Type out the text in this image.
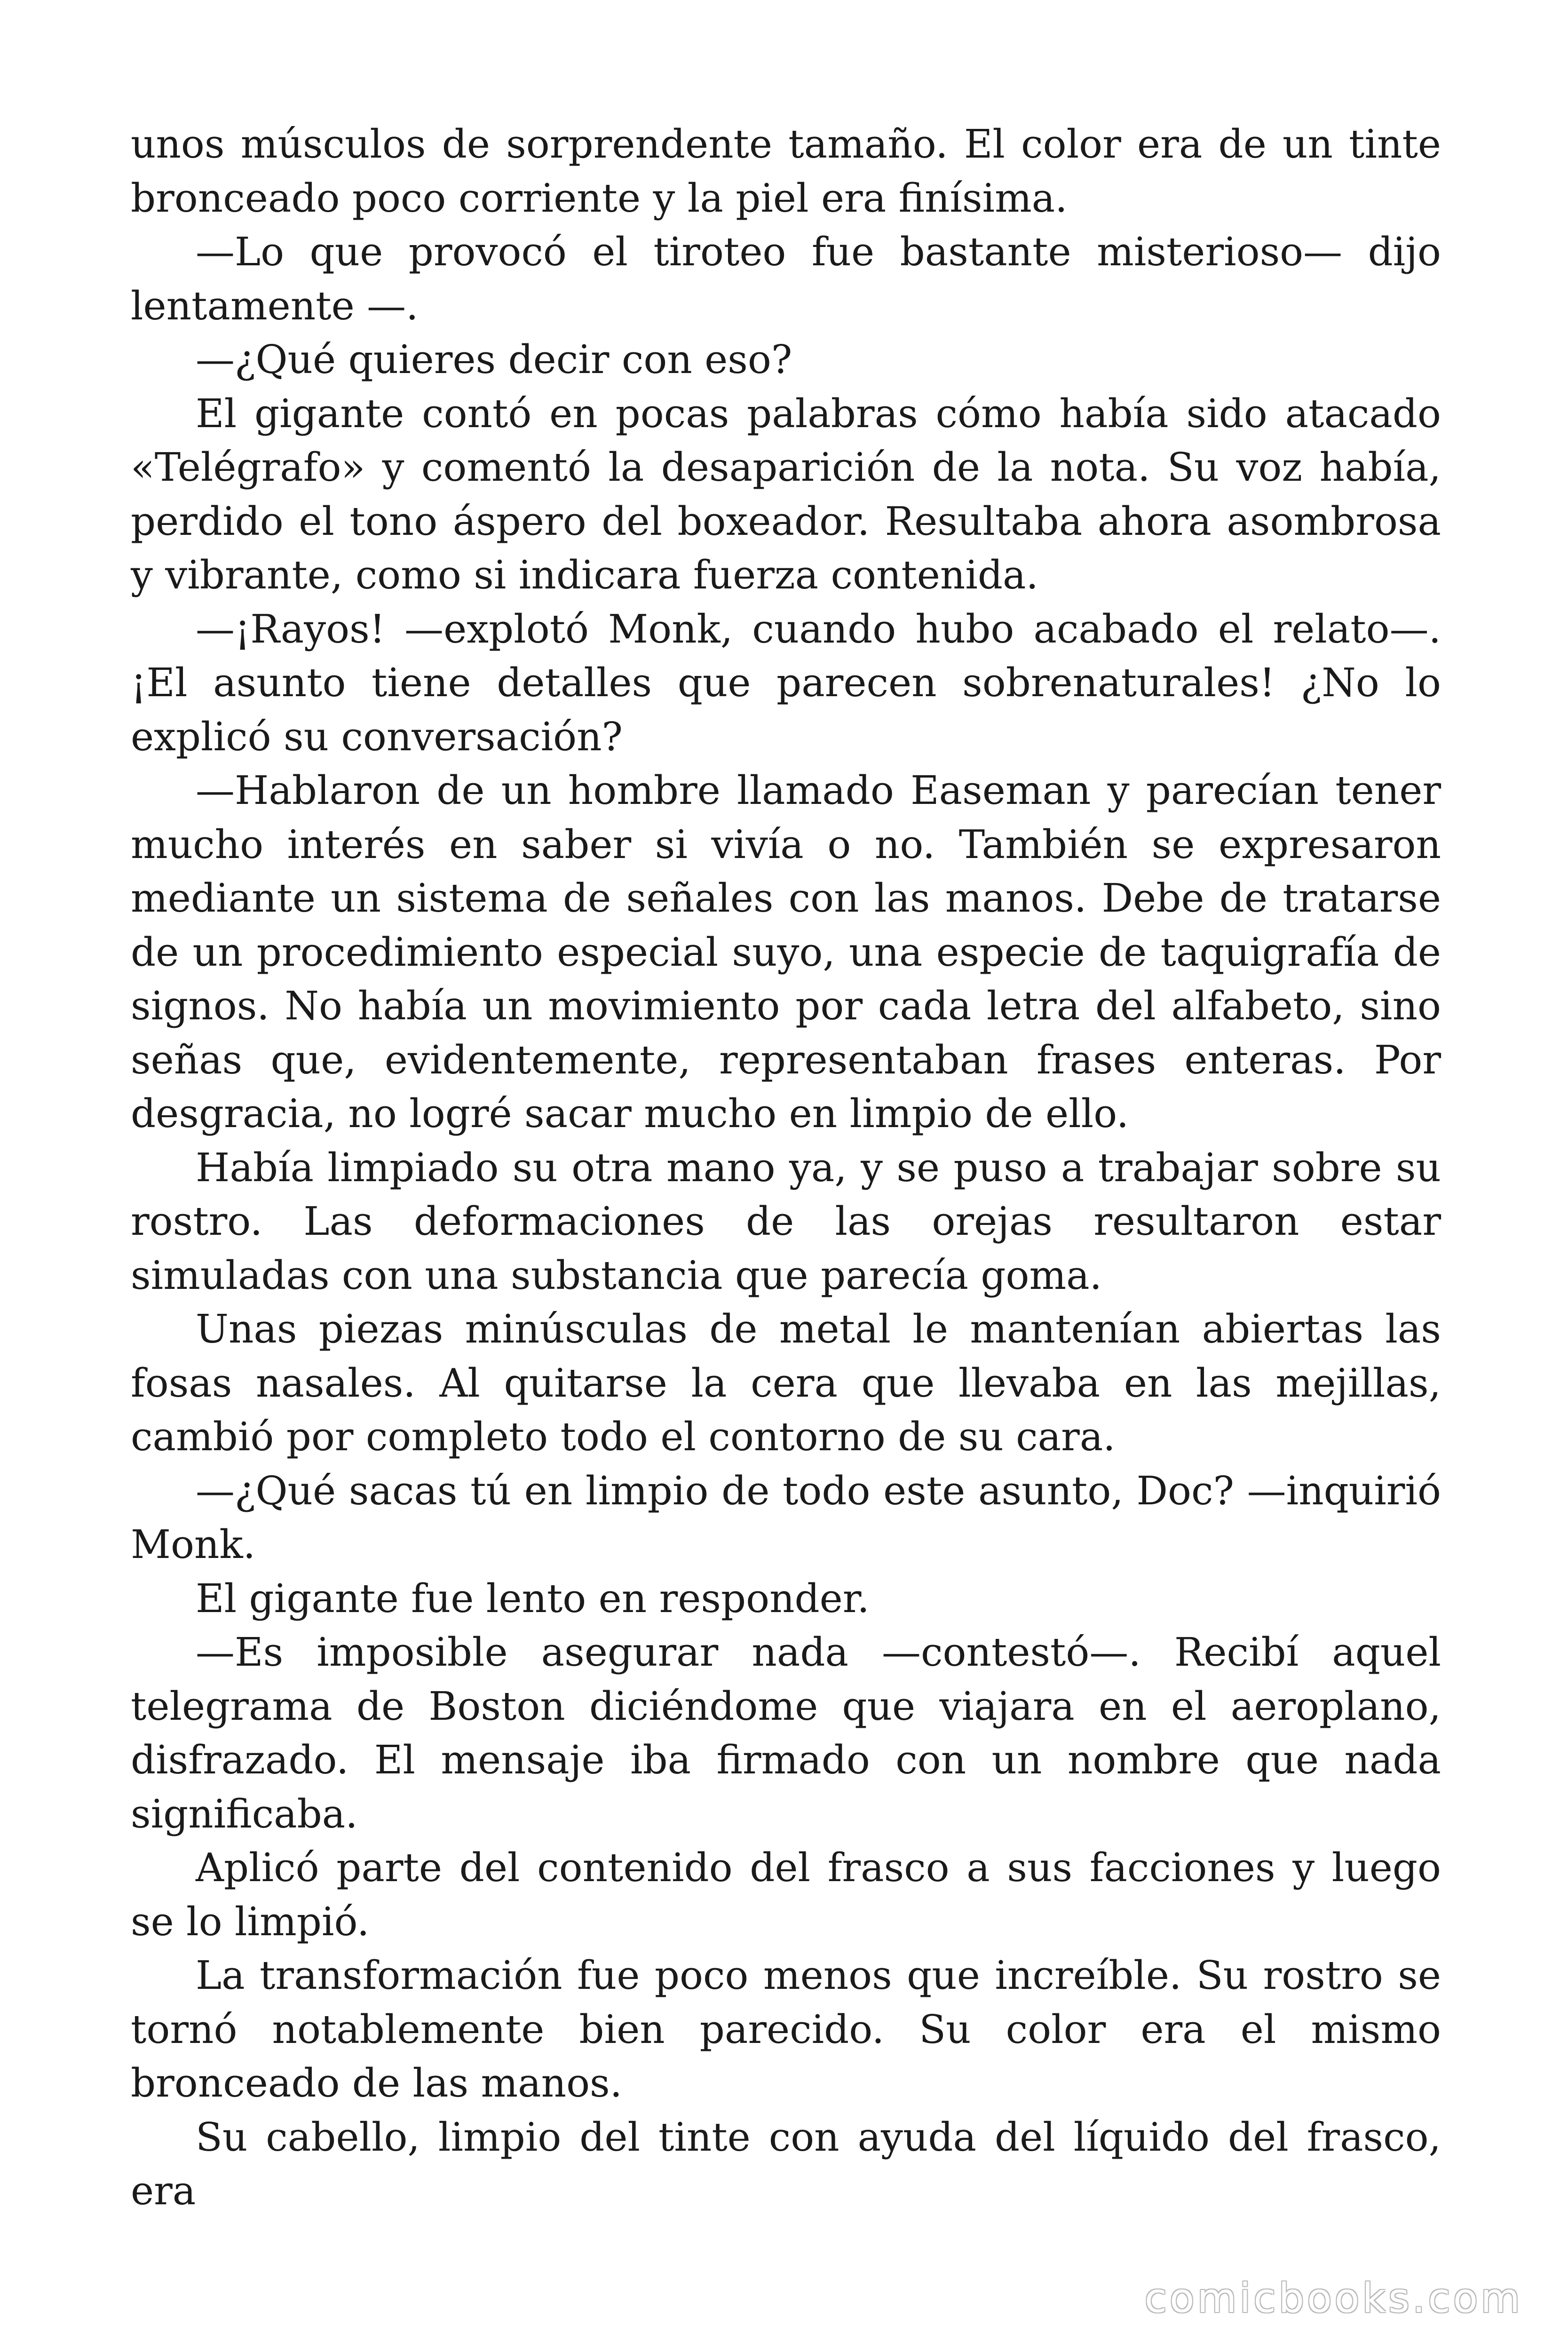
unos músculos de sorprendente tamaño. El color era de un tinte bronceado poco corriente y la piel era finísima.

—Lo que provocó el tiroteo fue bastante misterioso— dijo lentamente —.

—¿Qué quieres decir con eso?

El gigante contó en pocas palabras cómo había sido atacado «Telégrafo» y comentó la desaparición de la nota. Su voz había, perdido el tono áspero del boxeador. Resultaba ahora asombrosa y vibrante, como si indicara fuerza contenida.

—¡Rayos! —explotó Monk, cuando hubo acabado el relato—. ¡El asunto tiene detalles que parecen sobrenaturales! ¿No lo explicó su conversación?

—Hablaron de un hombre llamado Easeman y parecían tener mucho interés en saber si vivía o no. También se expresaron mediante un sistema de señales con las manos. Debe de tratarse de un procedimiento especial suyo, una especie de taquigrafía de signos. No había un movimiento por cada letra del alfabeto, sino señas que, evidentemente, representaban frases enteras. Por desgracia, no logré sacar mucho en limpio de ello.

Había limpiado su otra mano ya, y se puso a trabajar sobre su rostro. Las deformaciones de las orejas resultaron estar simuladas con una substancia que parecía goma.

Unas piezas minúsculas de metal le mantenían abiertas las fosas nasales. Al quitarse la cera que llevaba en las mejillas, cambió por completo todo el contorno de su cara.

—¿Qué sacas tú en limpio de todo este asunto, Doc? —inquirió Monk.

El gigante fue lento en responder.

—Es imposible asegurar nada —contestó—. Recibí aquel telegrama de Boston diciéndome que viajara en el aeroplano, disfrazado. El mensaje iba firmado con un nombre que nada significaba.

Aplicó parte del contenido del frasco a sus facciones y luego se lo limpió.

La transformación fue poco menos que increíble. Su rostro se tornó notablemente bien parecido. Su color era el mismo bronceado de las manos.

Su cabello, limpio del tinte con ayuda del líquido del frasco, era

comicbooks.com
